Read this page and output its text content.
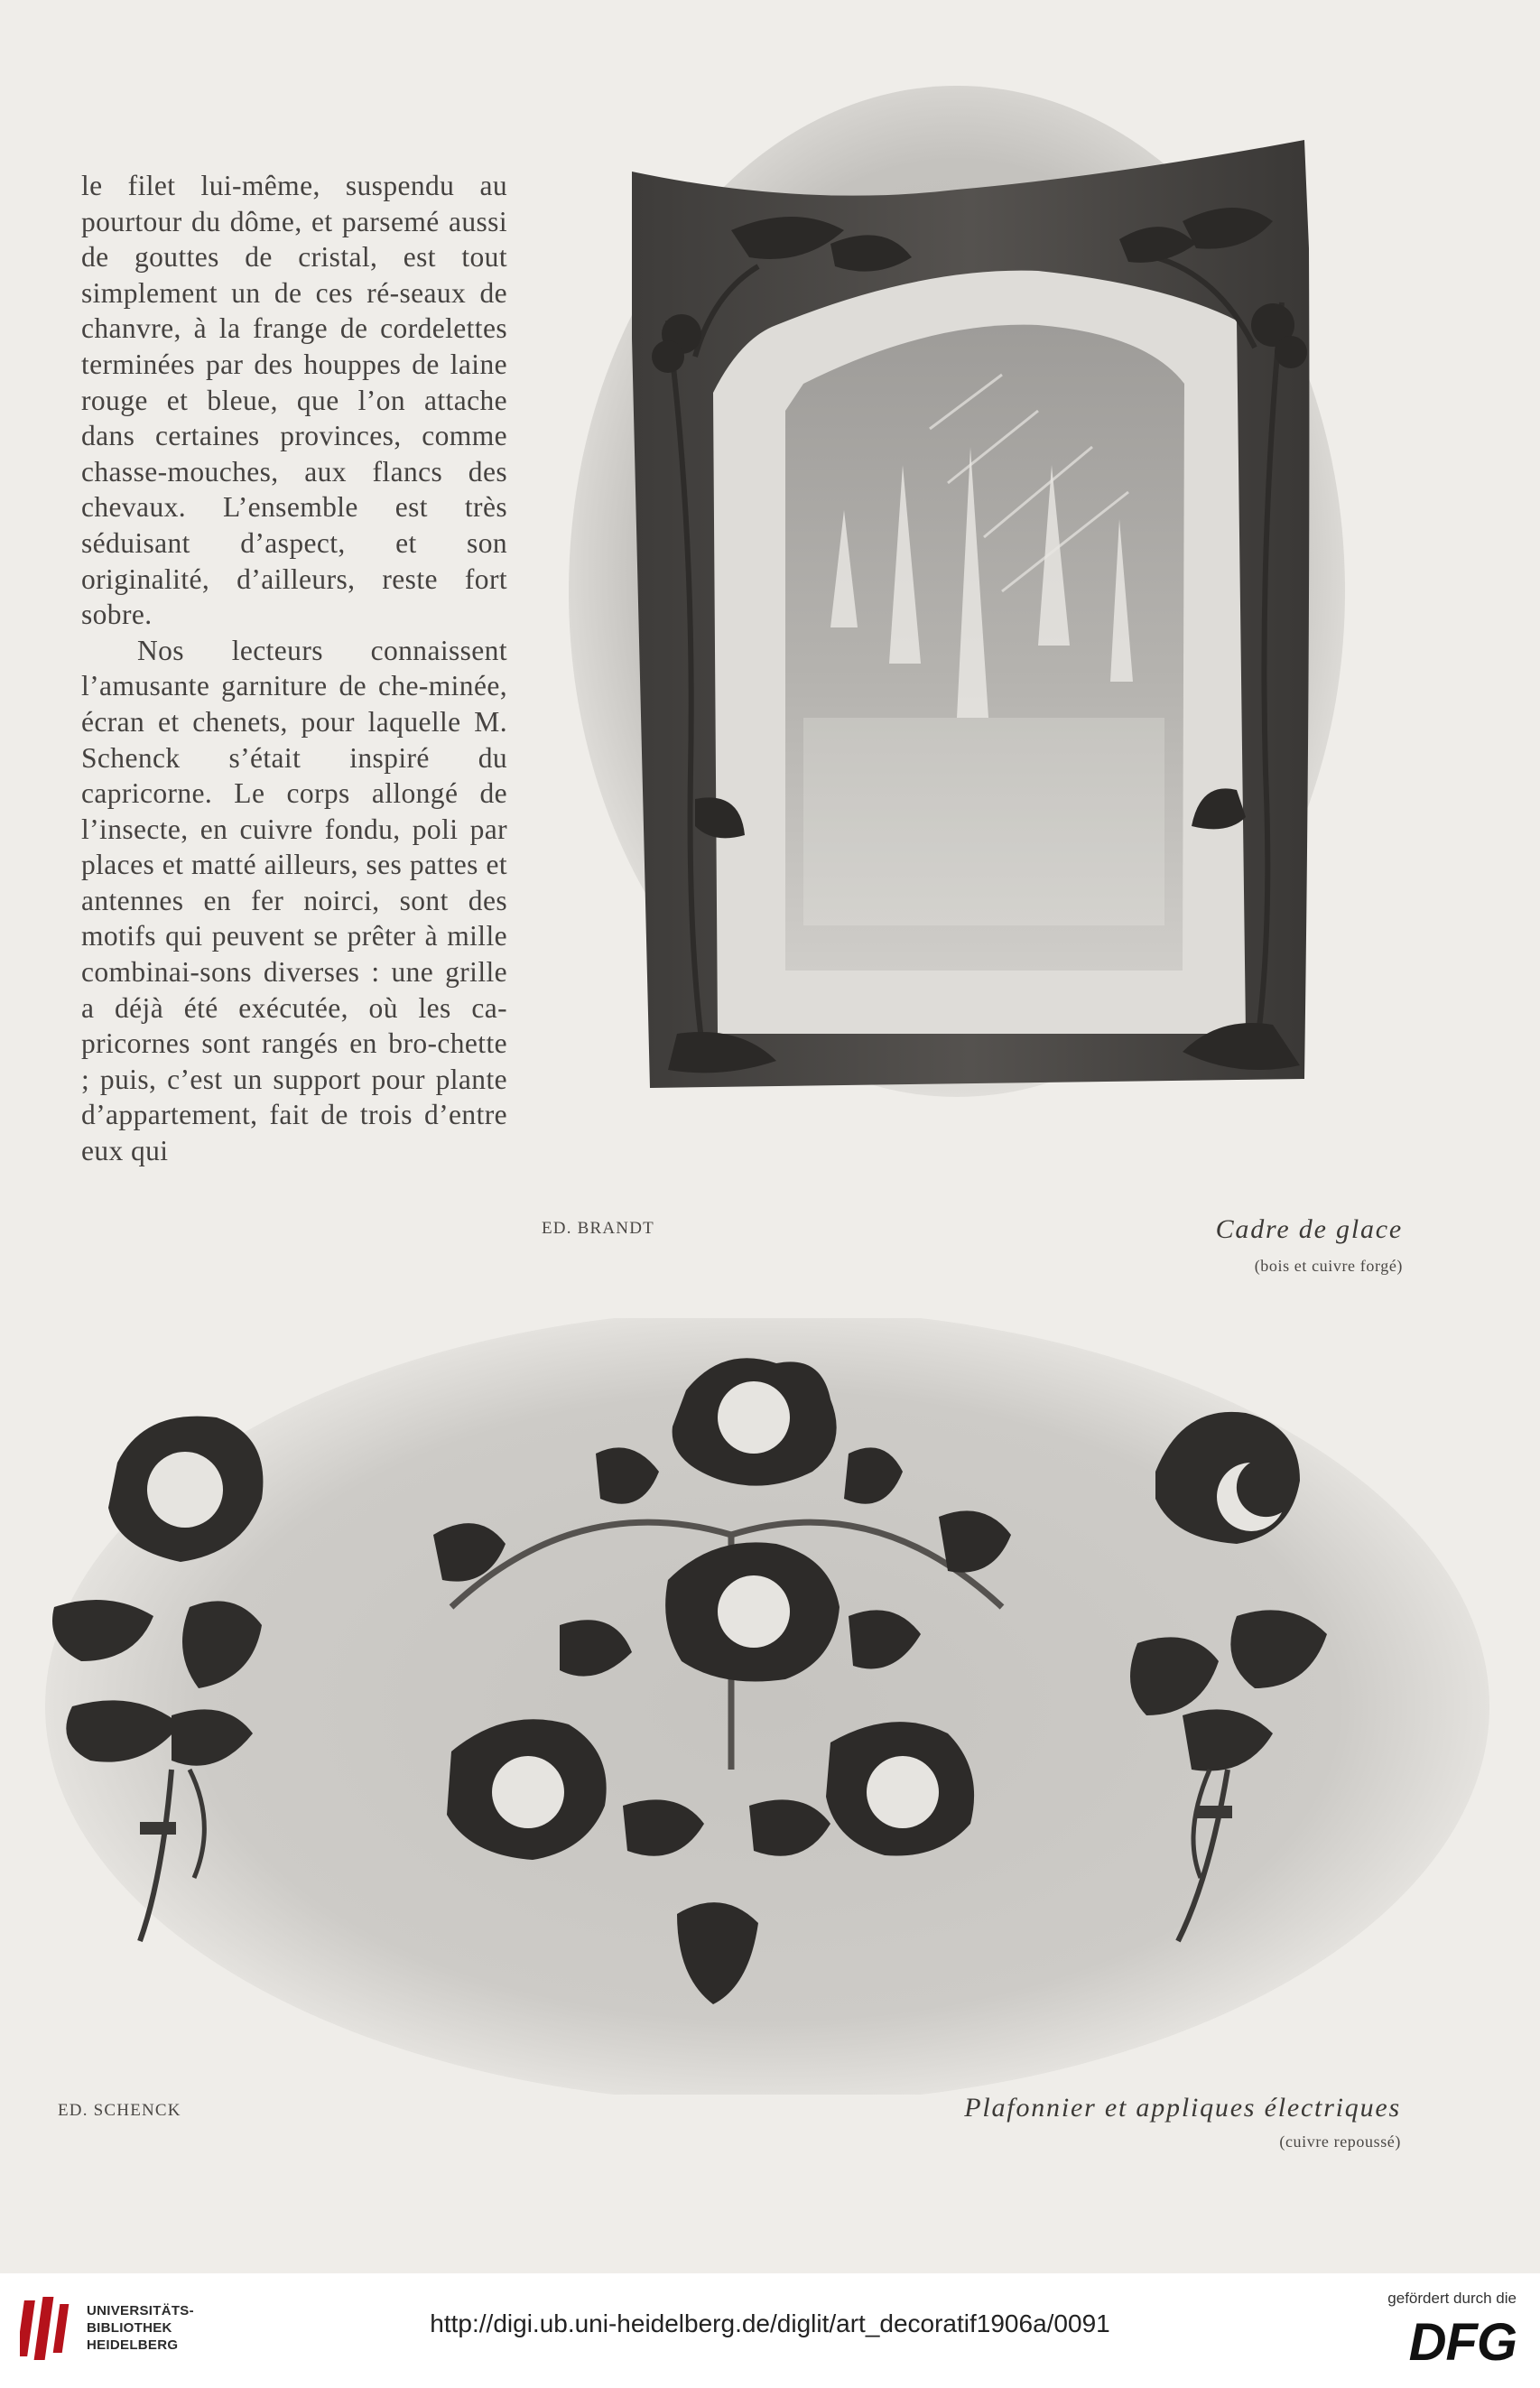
le filet lui-même, suspendu au pourtour du dôme, et parsemé aussi de gouttes de cristal, est tout simplement un de ces ré-seaux de chanvre, à la frange de cordelettes terminées par des houppes de laine rouge et bleue, que l’on attache dans certaines provinces, comme chasse-mouches, aux flancs des chevaux. L’ensemble est très séduisant d’aspect, et son originalité, d’ailleurs, reste fort sobre.

Nos lecteurs connaissent l’amusante garniture de che-minée, écran et chenets, pour laquelle M. Schenck s’était inspiré du capricorne. Le corps allongé de l’insecte, en cuivre fondu, poli par places et matté ailleurs, ses pattes et antennes en fer noirci, sont des motifs qui peuvent se prêter à mille combinai-sons diverses : une grille a déjà été exécutée, où les ca-pricornes sont rangés en bro-chette ; puis, c’est un support pour plante d’appartement, fait de trois d’entre eux qui

ED. BRANDT	Cadre de glace
(bois et cuivre forgé)
ED. SCHENCK	Plafonnier et appliques électriques
(cuivre repoussé)
UNIVERSITÄTS-
BIBLIOTHEK
HEIDELBERG
http://digi.ub.uni-heidelberg.de/diglit/art_decoratif1906a/0091
gefördert durch die
DFG
